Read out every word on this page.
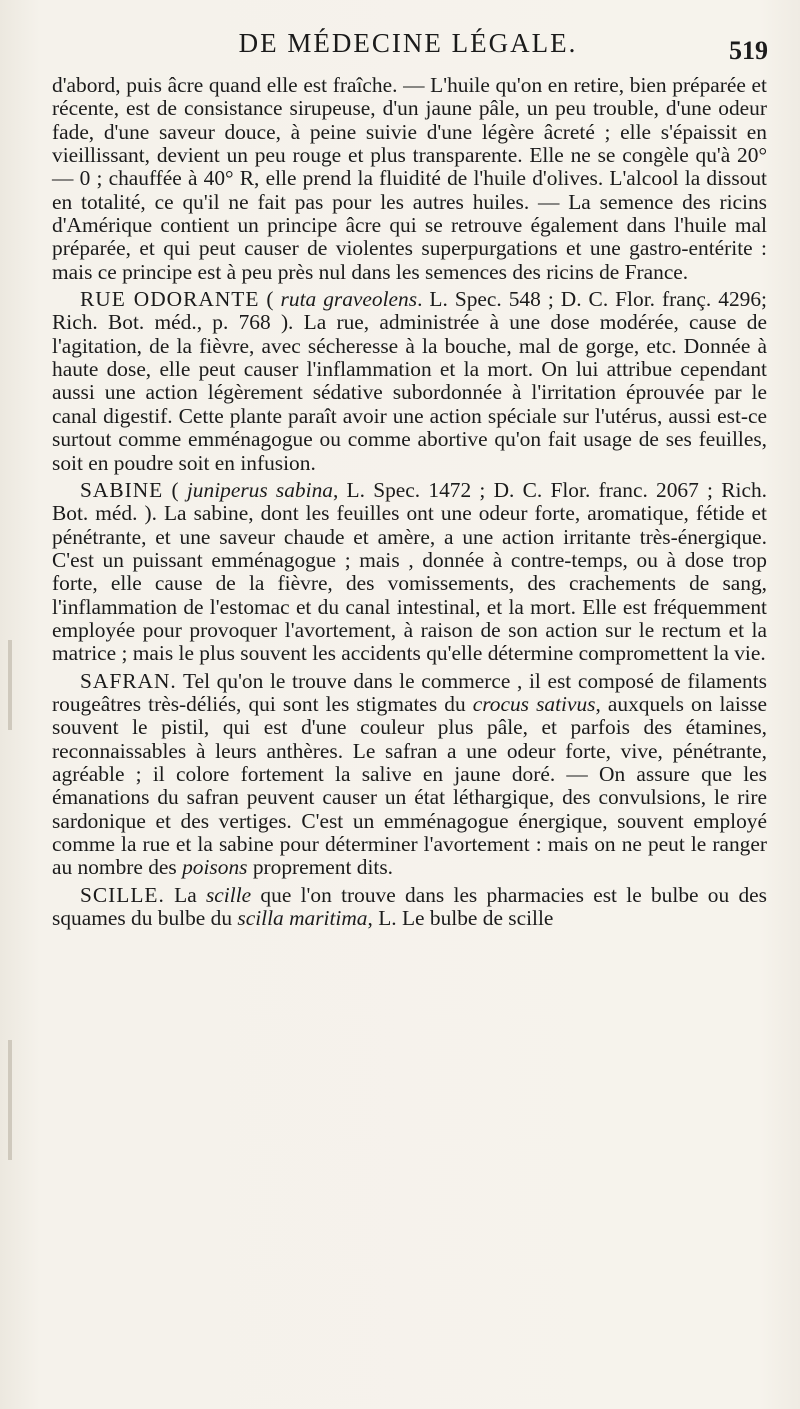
DE MÉDECINE LÉGALE.	519

d'abord, puis âcre quand elle est fraîche. — L'huile qu'on en retire, bien préparée et récente, est de consistance sirupeuse, d'un jaune pâle, un peu trouble, d'une odeur fade, d'une saveur douce, à peine suivie d'une légère âcreté ; elle s'épaissit en vieillissant, devient un peu rouge et plus transparente. Elle ne se congèle qu'à 20° — 0 ; chauffée à 40° R, elle prend la fluidité de l'huile d'olives. L'alcool la dissout en totalité, ce qu'il ne fait pas pour les autres huiles. — La semence des ricins d'Amérique contient un principe âcre qui se retrouve également dans l'huile mal préparée, et qui peut causer de violentes superpurgations et une gastro-entérite : mais ce principe est à peu près nul dans les semences des ricins de France.

RUE ODORANTE ( ruta graveolens. L. Spec. 548 ; D. C. Flor. franç. 4296; Rich. Bot. méd., p. 768 ). La rue, administrée à une dose modérée, cause de l'agitation, de la fièvre, avec sécheresse à la bouche, mal de gorge, etc. Donnée à haute dose, elle peut causer l'inflammation et la mort. On lui attribue cependant aussi une action légèrement sédative subordonnée à l'irritation éprouvée par le canal digestif. Cette plante paraît avoir une action spéciale sur l'utérus, aussi est-ce surtout comme emménagogue ou comme abortive qu'on fait usage de ses feuilles, soit en poudre soit en infusion.

SABINE ( juniperus sabina, L. Spec. 1472 ; D. C. Flor. franc. 2067 ; Rich. Bot. méd. ). La sabine, dont les feuilles ont une odeur forte, aromatique, fétide et pénétrante, et une saveur chaude et amère, a une action irritante très-énergique. C'est un puissant emménagogue ; mais , donnée à contre-temps, ou à dose trop forte, elle cause de la fièvre, des vomissements, des crachements de sang, l'inflammation de l'estomac et du canal intestinal, et la mort. Elle est fréquemment employée pour provoquer l'avortement, à raison de son action sur le rectum et la matrice ; mais le plus souvent les accidents qu'elle détermine compromettent la vie.

SAFRAN. Tel qu'on le trouve dans le commerce , il est composé de filaments rougeâtres très-déliés, qui sont les stigmates du crocus sativus, auxquels on laisse souvent le pistil, qui est d'une couleur plus pâle, et parfois des étamines, reconnaissables à leurs anthères. Le safran a une odeur forte, vive, pénétrante, agréable ; il colore fortement la salive en jaune doré. — On assure que les émanations du safran peuvent causer un état léthargique, des convulsions, le rire sardonique et des vertiges. C'est un emménagogue énergique, souvent employé comme la rue et la sabine pour déterminer l'avortement : mais on ne peut le ranger au nombre des poisons proprement dits.

SCILLE. La scille que l'on trouve dans les pharmacies est le bulbe ou des squames du bulbe du scilla maritima, L. Le bulbe de scille
